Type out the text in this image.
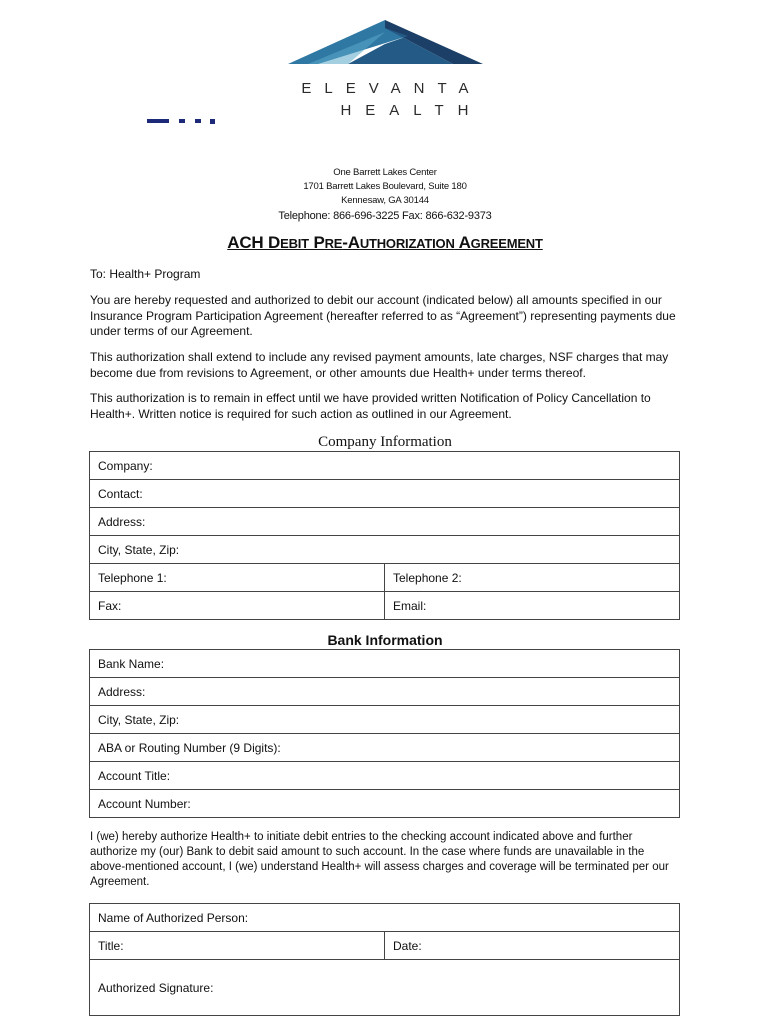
ELEVANTA
HEALTH
One Barrett Lakes Center
1701 Barrett Lakes Boulevard, Suite 180
Kennesaw, GA 30144
Telephone: 866-696-3225 Fax: 866-632-9373
ACH DEBIT PRE-AUTHORIZATION AGREEMENT
To: Health+ Program
You are hereby requested and authorized to debit our account (indicated below) all amounts specified in our Insurance Program Participation Agreement (hereafter referred to as “Agreement”) representing payments due under terms of our Agreement.
This authorization shall extend to include any revised payment amounts, late charges, NSF charges that may become due from revisions to Agreement, or other amounts due Health+ under terms thereof.
This authorization is to remain in effect until we have provided written Notification of Policy Cancellation to Health+. Written notice is required for such action as outlined in our Agreement.
Company Information
Company:	
Contact:	
Address:	
City, State, Zip:	
Telephone 1:	Telephone 2:
Fax:	Email:
Bank Information
Bank Name:
Address:
City, State, Zip:
ABA or Routing Number (9 Digits):
Account Title:
Account Number:
I (we) hereby authorize Health+ to initiate debit entries to the checking account indicated above and further authorize my (our) Bank to debit said amount to such account. In the case where funds are unavailable in the above-mentioned account, I (we) understand Health+ will assess charges and coverage will be terminated per our Agreement.
Name of Authorized Person:
Title:	Date:
Authorized Signature:
